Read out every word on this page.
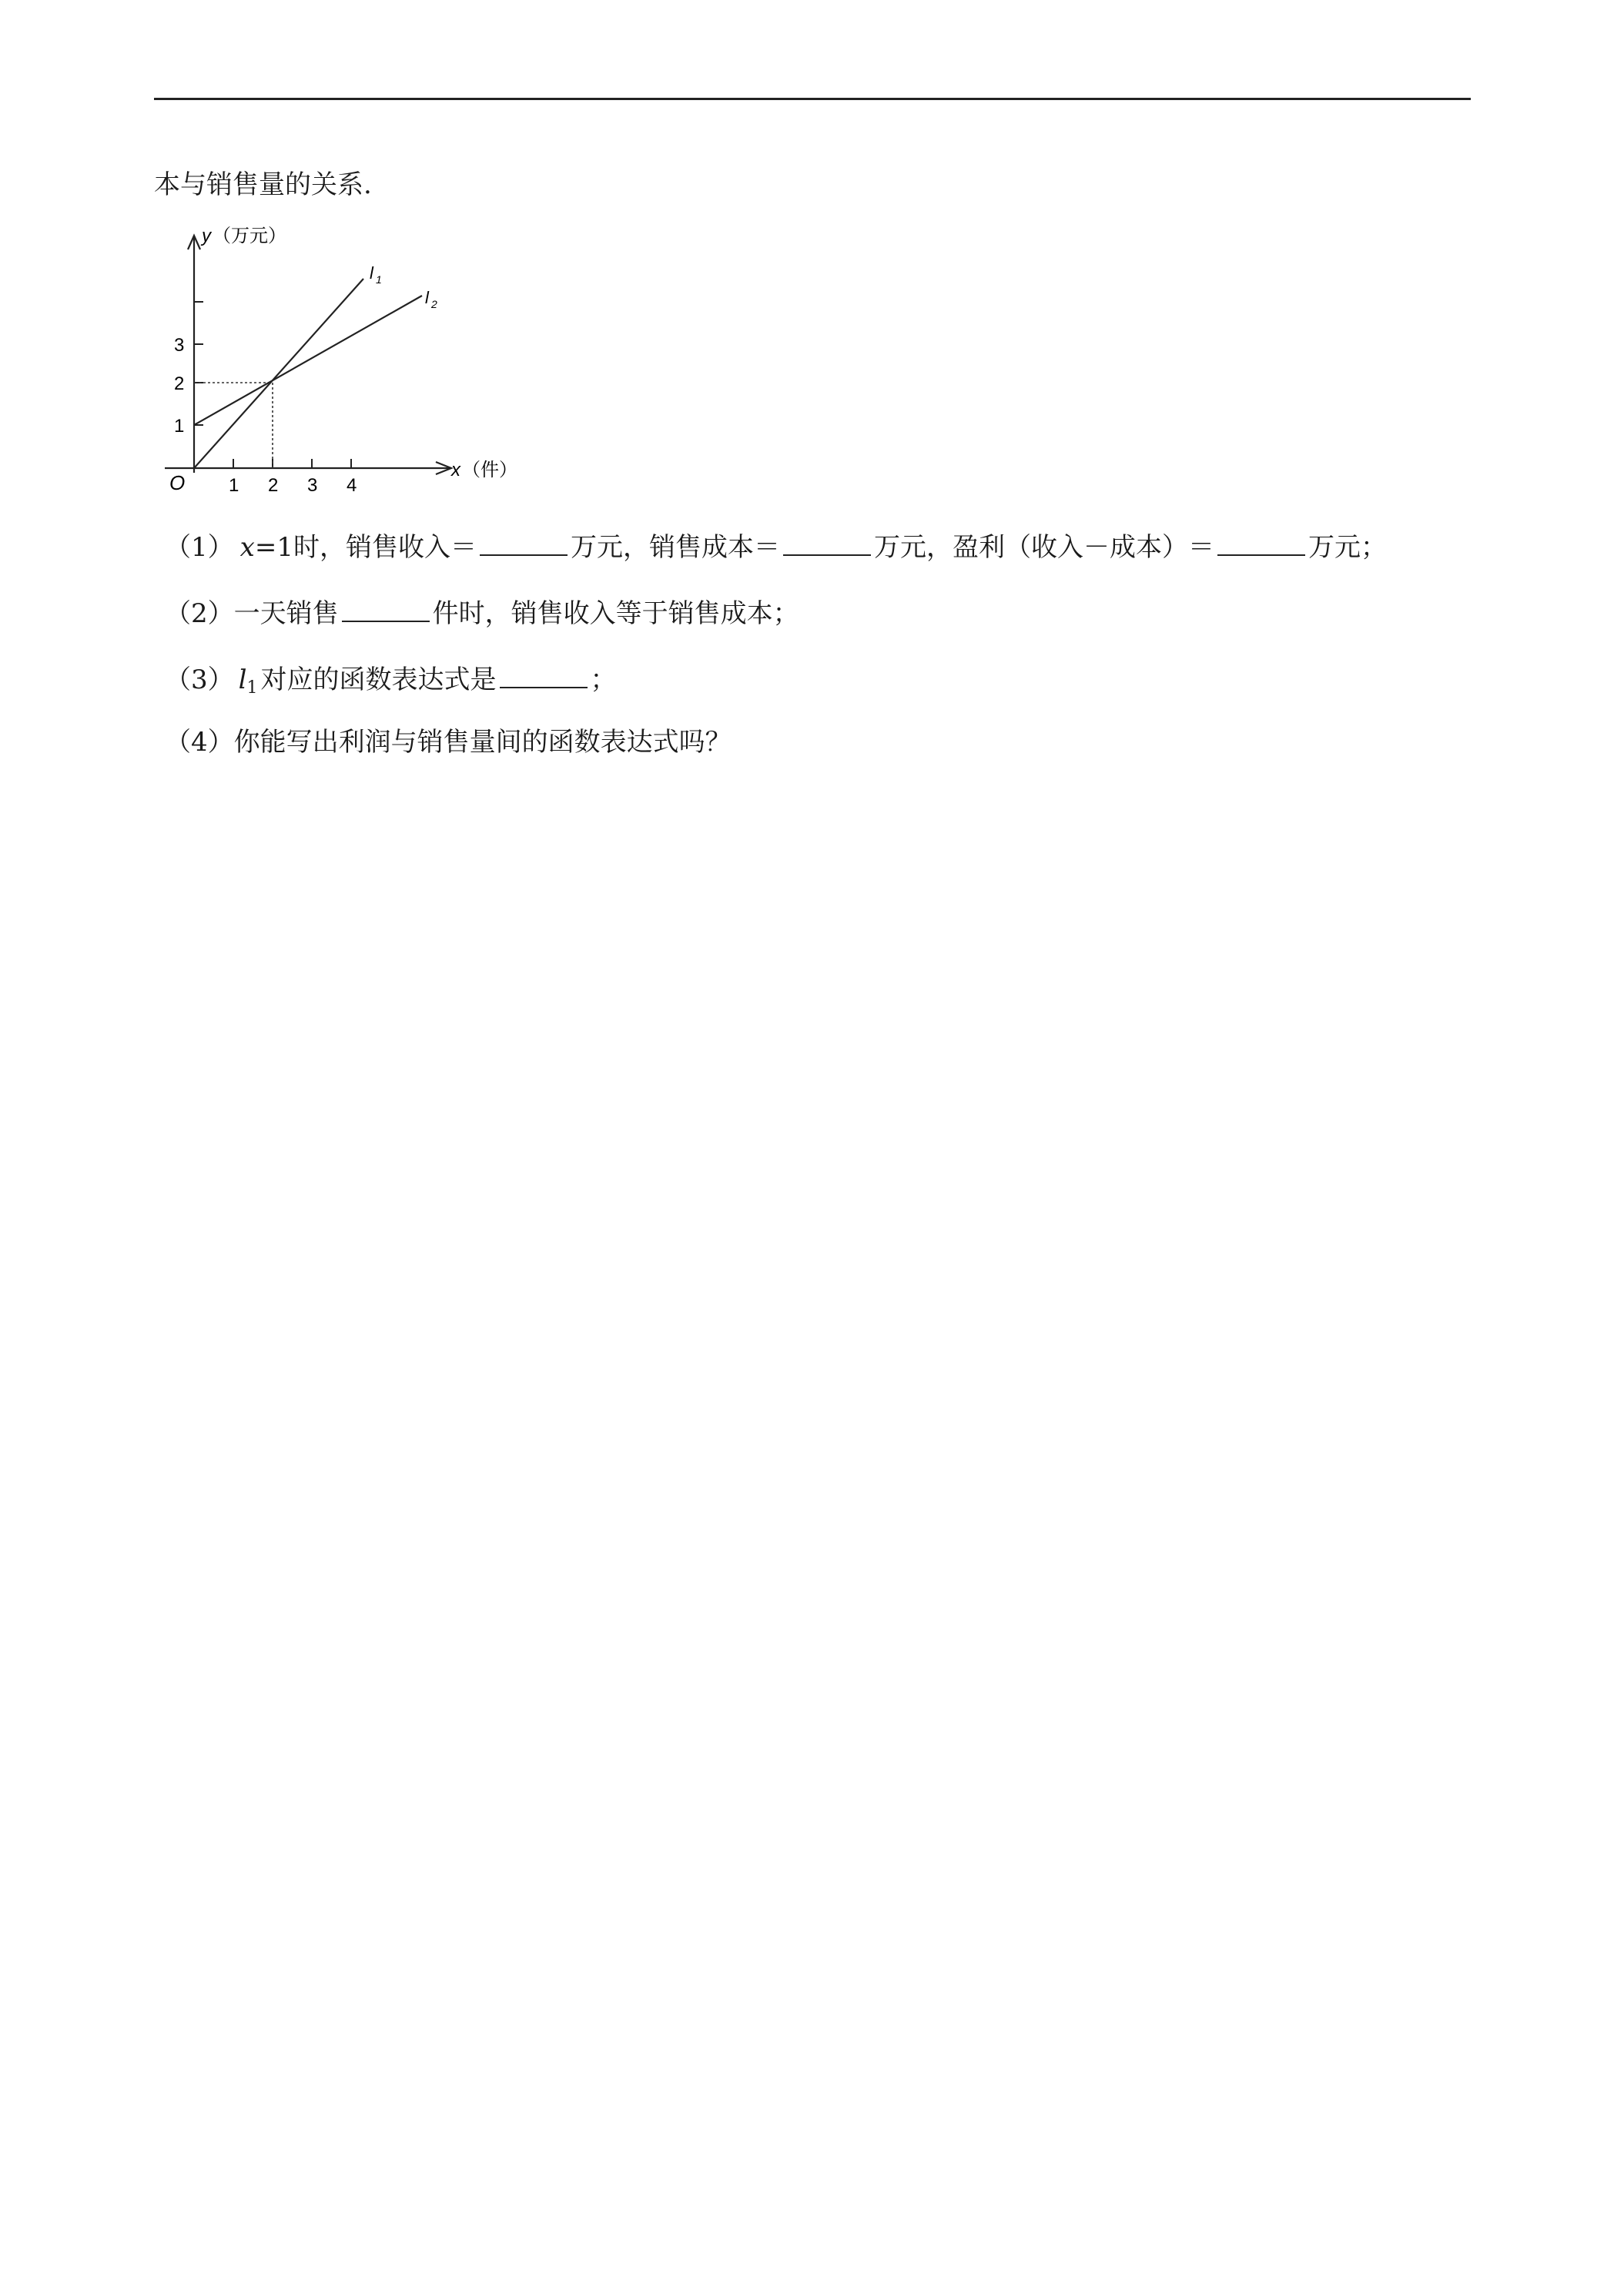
本与销售量的关系.
y （万元）
x （件）
O 1 2 3 4
1
2
3
l 1
l 2
（1） x=1时，销售收入＝	万元，销售成本＝	万元，盈利（收入－成本）＝	万元；
（2）一天销售	件时，销售收入等于销售成本；
（3） $l_1$ 对应的函数表达式是	；
（4）你能写出利润与销售量间的函数表达式吗？
